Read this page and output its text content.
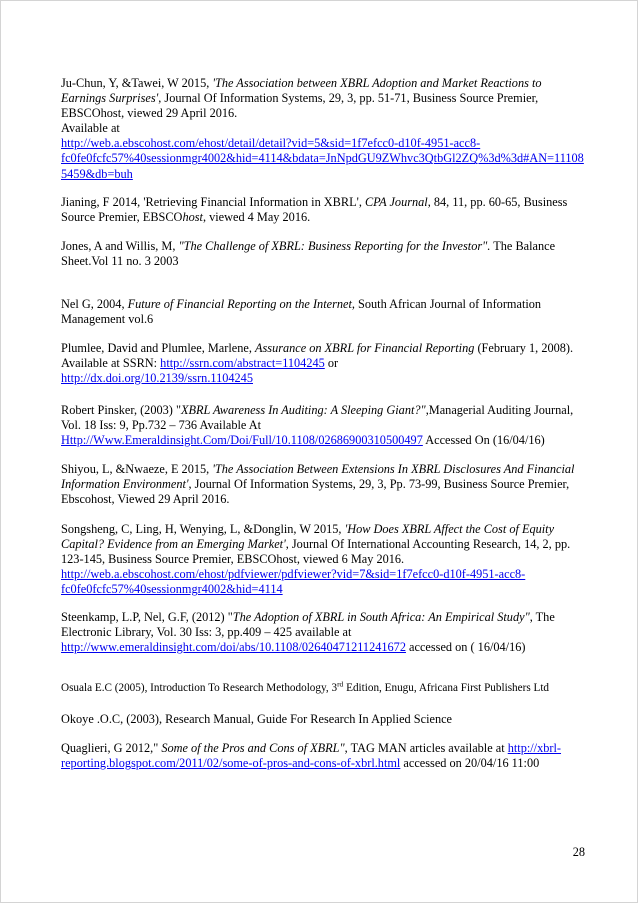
Ju-Chun, Y, &Tawei, W 2015, 'The Association between XBRL Adoption and Market Reactions to Earnings Surprises', Journal Of Information Systems, 29, 3, pp. 51-71, Business Source Premier, EBSCOhost, viewed 29 April 2016.
Available at
http://web.a.ebscohost.com/ehost/detail/detail?vid=5&sid=1f7efcc0-d10f-4951-acc8-fc0fe0fcfc57%40sessionmgr4002&hid=4114&bdata=JnNpdGU9ZWhvc3QtbGl2ZQ%3d%3d#AN=111085459&db=buh

Jianing, F 2014, 'Retrieving Financial Information in XBRL', CPA Journal, 84, 11, pp. 60-65, Business Source Premier, EBSCOhost, viewed 4 May 2016.

Jones, A and Willis, M, "The Challenge of XBRL: Business Reporting for the Investor". The Balance Sheet.Vol 11 no. 3 2003

Nel G, 2004, Future of Financial Reporting on the Internet, South African Journal of Information Management vol.6

Plumlee, David and Plumlee, Marlene, Assurance on XBRL for Financial Reporting (February 1, 2008). Available at SSRN: http://ssrn.com/abstract=1104245 or
http://dx.doi.org/10.2139/ssrn.1104245

Robert Pinsker, (2003) "XBRL Awareness In Auditing: A Sleeping Giant?",Managerial Auditing Journal, Vol. 18 Iss: 9, Pp.732 – 736 Available At Http://Www.Emeraldinsight.Com/Doi/Full/10.1108/02686900310500497 Accessed On (16/04/16)

Shiyou, L, &Nwaeze, E 2015, 'The Association Between Extensions In XBRL Disclosures And Financial Information Environment', Journal Of Information Systems, 29, 3, Pp. 73-99, Business Source Premier, Ebscohost, Viewed 29 April 2016.

Songsheng, C, Ling, H, Wenying, L, &Donglin, W 2015, 'How Does XBRL Affect the Cost of Equity Capital? Evidence from an Emerging Market', Journal Of International Accounting Research, 14, 2, pp. 123-145, Business Source Premier, EBSCOhost, viewed 6 May 2016.
http://web.a.ebscohost.com/ehost/pdfviewer/pdfviewer?vid=7&sid=1f7efcc0-d10f-4951-acc8-fc0fe0fcfc57%40sessionmgr4002&hid=4114

Steenkamp, L.P, Nel, G.F, (2012) "The Adoption of XBRL in South Africa: An Empirical Study", The Electronic Library, Vol. 30 Iss: 3, pp.409 – 425 available at
http://www.emeraldinsight.com/doi/abs/10.1108/02640471211241672 accessed on ( 16/04/16)

Osuala E.C (2005), Introduction To Research Methodology, 3rd Edition, Enugu, Africana First Publishers Ltd

Okoye .O.C, (2003), Research Manual, Guide For Research In Applied Science

Quaglieri, G 2012," Some of the Pros and Cons of XBRL", TAG MAN articles available at http://xbrl-reporting.blogspot.com/2011/02/some-of-pros-and-cons-of-xbrl.html accessed on 20/04/16 11:00

28
